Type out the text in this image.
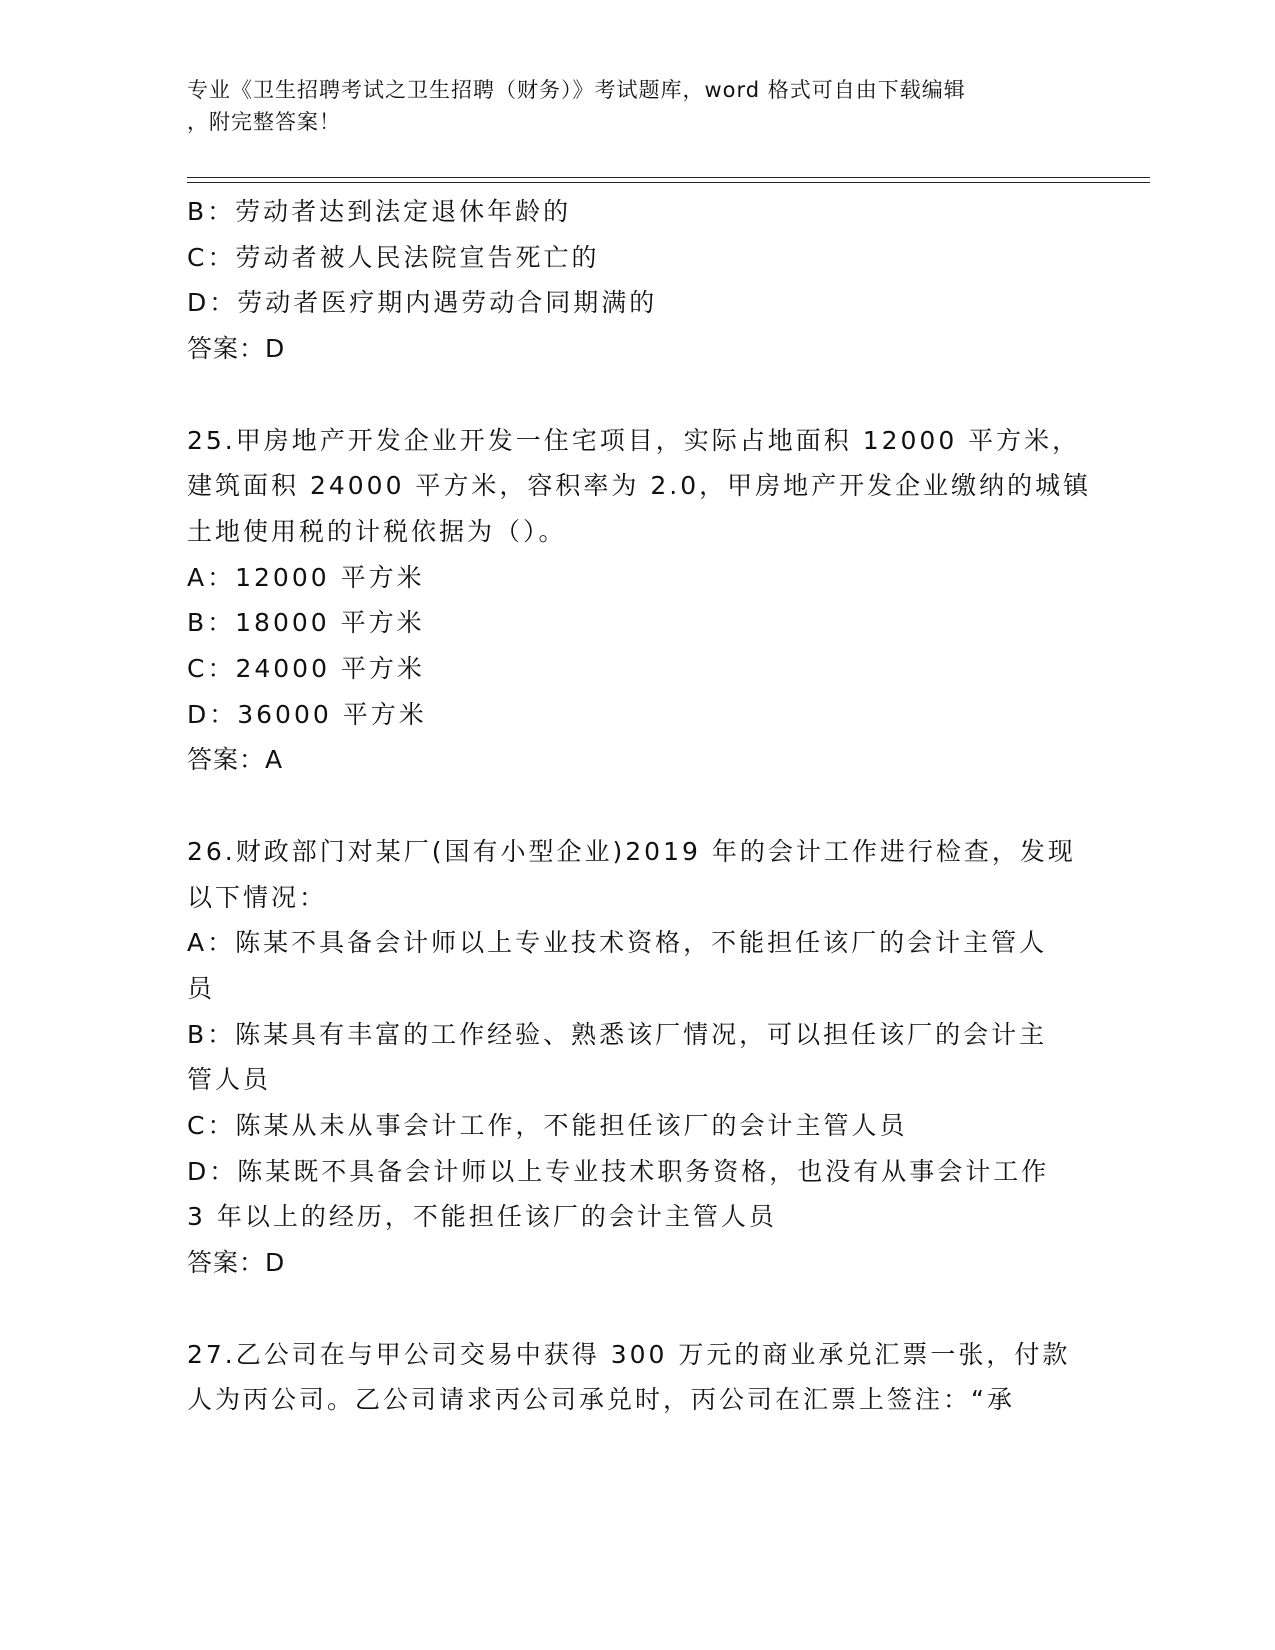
专业《卫生招聘考试之卫生招聘（财务）》考试题库，word 格式可自由下载编辑
，附完整答案！
B：劳动者达到法定退休年龄的
C：劳动者被人民法院宣告死亡的
D：劳动者医疗期内遇劳动合同期满的
答案：D
25.甲房地产开发企业开发一住宅项目，实际占地面积 12000 平方米，
建筑面积 24000 平方米，容积率为 2.0，甲房地产开发企业缴纳的城镇
土地使用税的计税依据为（）。
A：12000 平方米
B：18000 平方米
C：24000 平方米
D：36000 平方米
答案：A
26.财政部门对某厂(国有小型企业)2019 年的会计工作进行检查，发现
以下情况：
A：陈某不具备会计师以上专业技术资格，不能担任该厂的会计主管人
员
B：陈某具有丰富的工作经验、熟悉该厂情况，可以担任该厂的会计主
管人员
C：陈某从未从事会计工作，不能担任该厂的会计主管人员
D：陈某既不具备会计师以上专业技术职务资格，也没有从事会计工作
3 年以上的经历，不能担任该厂的会计主管人员
答案：D
27.乙公司在与甲公司交易中获得 300 万元的商业承兑汇票一张，付款
人为丙公司。乙公司请求丙公司承兑时，丙公司在汇票上签注：“承
